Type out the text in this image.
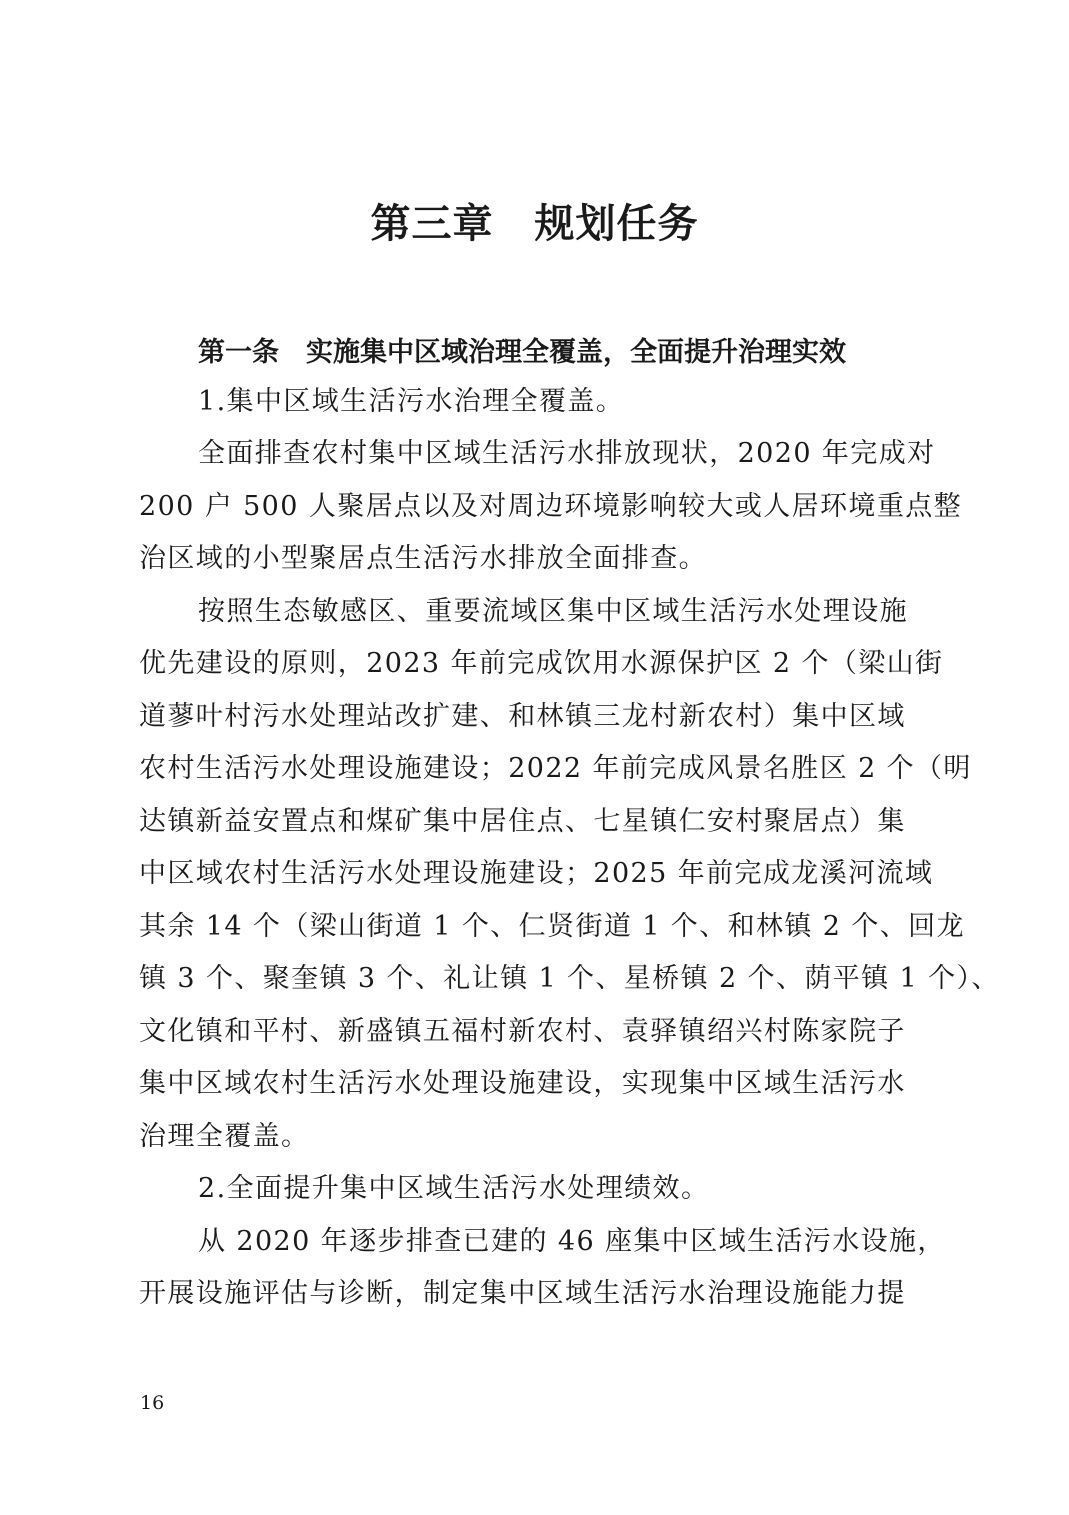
第三章　规划任务
第一条　实施集中区域治理全覆盖，全面提升治理实效

1.集中区域生活污水治理全覆盖。

全面排查农村集中区域生活污水排放现状，2020 年完成对

200 户 500 人聚居点以及对周边环境影响较大或人居环境重点整

治区域的小型聚居点生活污水排放全面排查。

按照生态敏感区、重要流域区集中区域生活污水处理设施

优先建设的原则，2023 年前完成饮用水源保护区 2 个（梁山街

道蓼叶村污水处理站改扩建、和林镇三龙村新农村）集中区域

农村生活污水处理设施建设；2022 年前完成风景名胜区 2 个（明

达镇新益安置点和煤矿集中居住点、七星镇仁安村聚居点）集

中区域农村生活污水处理设施建设；2025 年前完成龙溪河流域

其余 14 个（梁山街道 1 个、仁贤街道 1 个、和林镇 2 个、回龙

镇 3 个、聚奎镇 3 个、礼让镇 1 个、星桥镇 2 个、荫平镇 1 个）、

文化镇和平村、新盛镇五福村新农村、袁驿镇绍兴村陈家院子

集中区域农村生活污水处理设施建设，实现集中区域生活污水

治理全覆盖。

2.全面提升集中区域生活污水处理绩效。

从 2020 年逐步排查已建的 46 座集中区域生活污水设施，

开展设施评估与诊断，制定集中区域生活污水治理设施能力提

16
